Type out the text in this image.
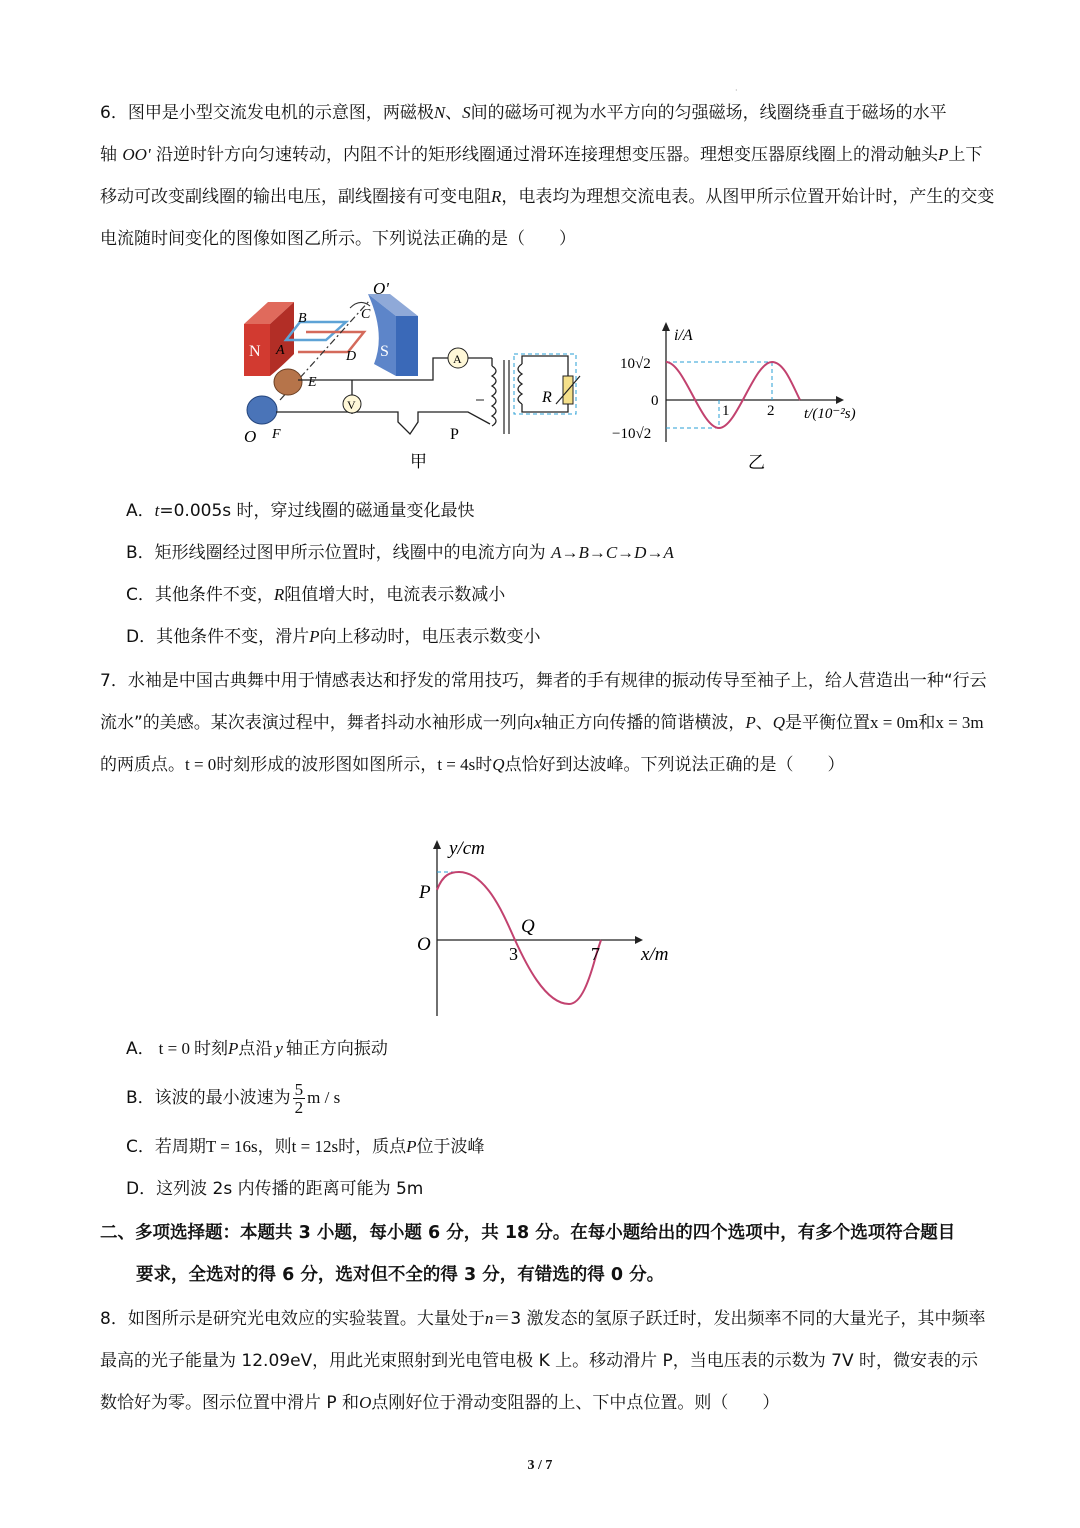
·

6．图甲是小型交流发电机的示意图，两磁极N、S间的磁场可视为水平方向的匀强磁场，线圈绕垂直于磁场的水平轴 OO' 沿逆时针方向匀速转动，内阻不计的矩形线圈通过滑环连接理想变压器。理想变压器原线圈上的滑动触头P上下移动可改变副线圈的输出电压，副线圈接有可变电阻R，电表均为理想交流电表。从图甲所示位置开始计时，产生的交变电流随时间变化的图像如图乙所示。下列说法正确的是（　　）

N	S
O'
B
A
C
D
E
F
O
V
A
R
P
甲
i/A
t/(10⁻²s)
10√2
0
−10√2
1	2
乙

A．t=0.005s 时，穿过线圈的磁通量变化最快

B．矩形线圈经过图甲所示位置时，线圈中的电流方向为 A→B→C→D→A

C．其他条件不变，R阻值增大时，电流表示数减小

D．其他条件不变，滑片P向上移动时，电压表示数变小

7．水袖是中国古典舞中用于情感表达和抒发的常用技巧，舞者的手有规律的振动传导至袖子上，给人营造出一种“行云流水”的美感。某次表演过程中，舞者抖动水袖形成一列向x轴正方向传播的简谐横波，P、Q是平衡位置x = 0m和x = 3m的两质点。t = 0时刻形成的波形图如图所示，t = 4s时Q点恰好到达波峰。下列说法正确的是（　　）

y/cm
x/m
O
P
Q
3	7

A． t = 0 时刻P点沿 y 轴正方向振动

B．该波的最小波速为 $\frac{5}{2}$ m / s

C．若周期T = 16s，则t = 12s时，质点P位于波峰

D．这列波 2s 内传播的距离可能为 5m

二、多项选择题：本题共 3 小题，每小题 6 分，共 18 分。在每小题给出的四个选项中，有多个选项符合题目

要求，全选对的得 6 分，选对但不全的得 3 分，有错选的得 0 分。

8．如图所示是研究光电效应的实验装置。大量处于n＝3 激发态的氢原子跃迁时，发出频率不同的大量光子，其中频率最高的光子能量为 12.09eV，用此光束照射到光电管电极 K 上。移动滑片 P，当电压表的示数为 7V 时，微安表的示数恰好为零。图示位置中滑片 P 和O点刚好位于滑动变阻器的上、下中点位置。则（　　）

3 / 7
